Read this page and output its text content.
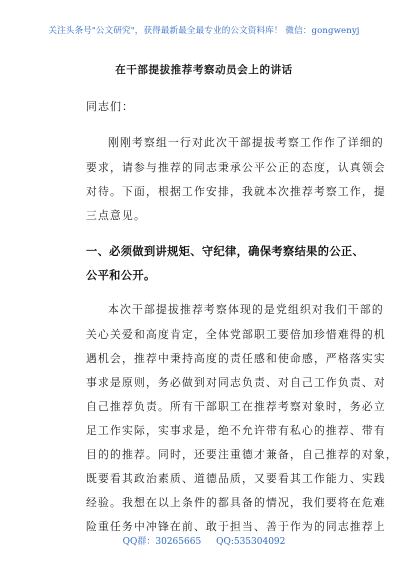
关注头条号"公文研究"，获得最新最全最专业的公文资料库！ 微信：gongwenyj
在干部提拔推荐考察动员会上的讲话
同志们：
刚刚考察组一行对此次干部提拔考察工作作了详细的
要求，请参与推荐的同志秉承公平公正的态度，认真领会
对待。下面，根据工作安排，我就本次推荐考察工作，提
三点意见。
一、必须做到讲规矩、守纪律，确保考察结果的公正、
公平和公开。
本次干部提拔推荐考察体现的是党组织对我们干部的
关心关爱和高度肯定，全体党部职工要倍加珍惜难得的机
遇机会，推荐中秉持高度的责任感和使命感，严格落实实
事求是原则，务必做到对同志负责、对自己工作负责、对
自己推荐负责。所有干部职工在推荐考察对象时，务必立
足工作实际，实事求是，绝不允许带有私心的推荐、带有
目的的推荐。同时，还要注重德才兼备，自己推荐的对象，
既要看其政治素质、道德品质，又要看其工作能力、实践
经验。我想在以上条件的都具备的情况，我们要将在危难
险重任务中冲锋在前、敢于担当、善于作为的同志推荐上
QQ群：30265665 QQ:535304092
